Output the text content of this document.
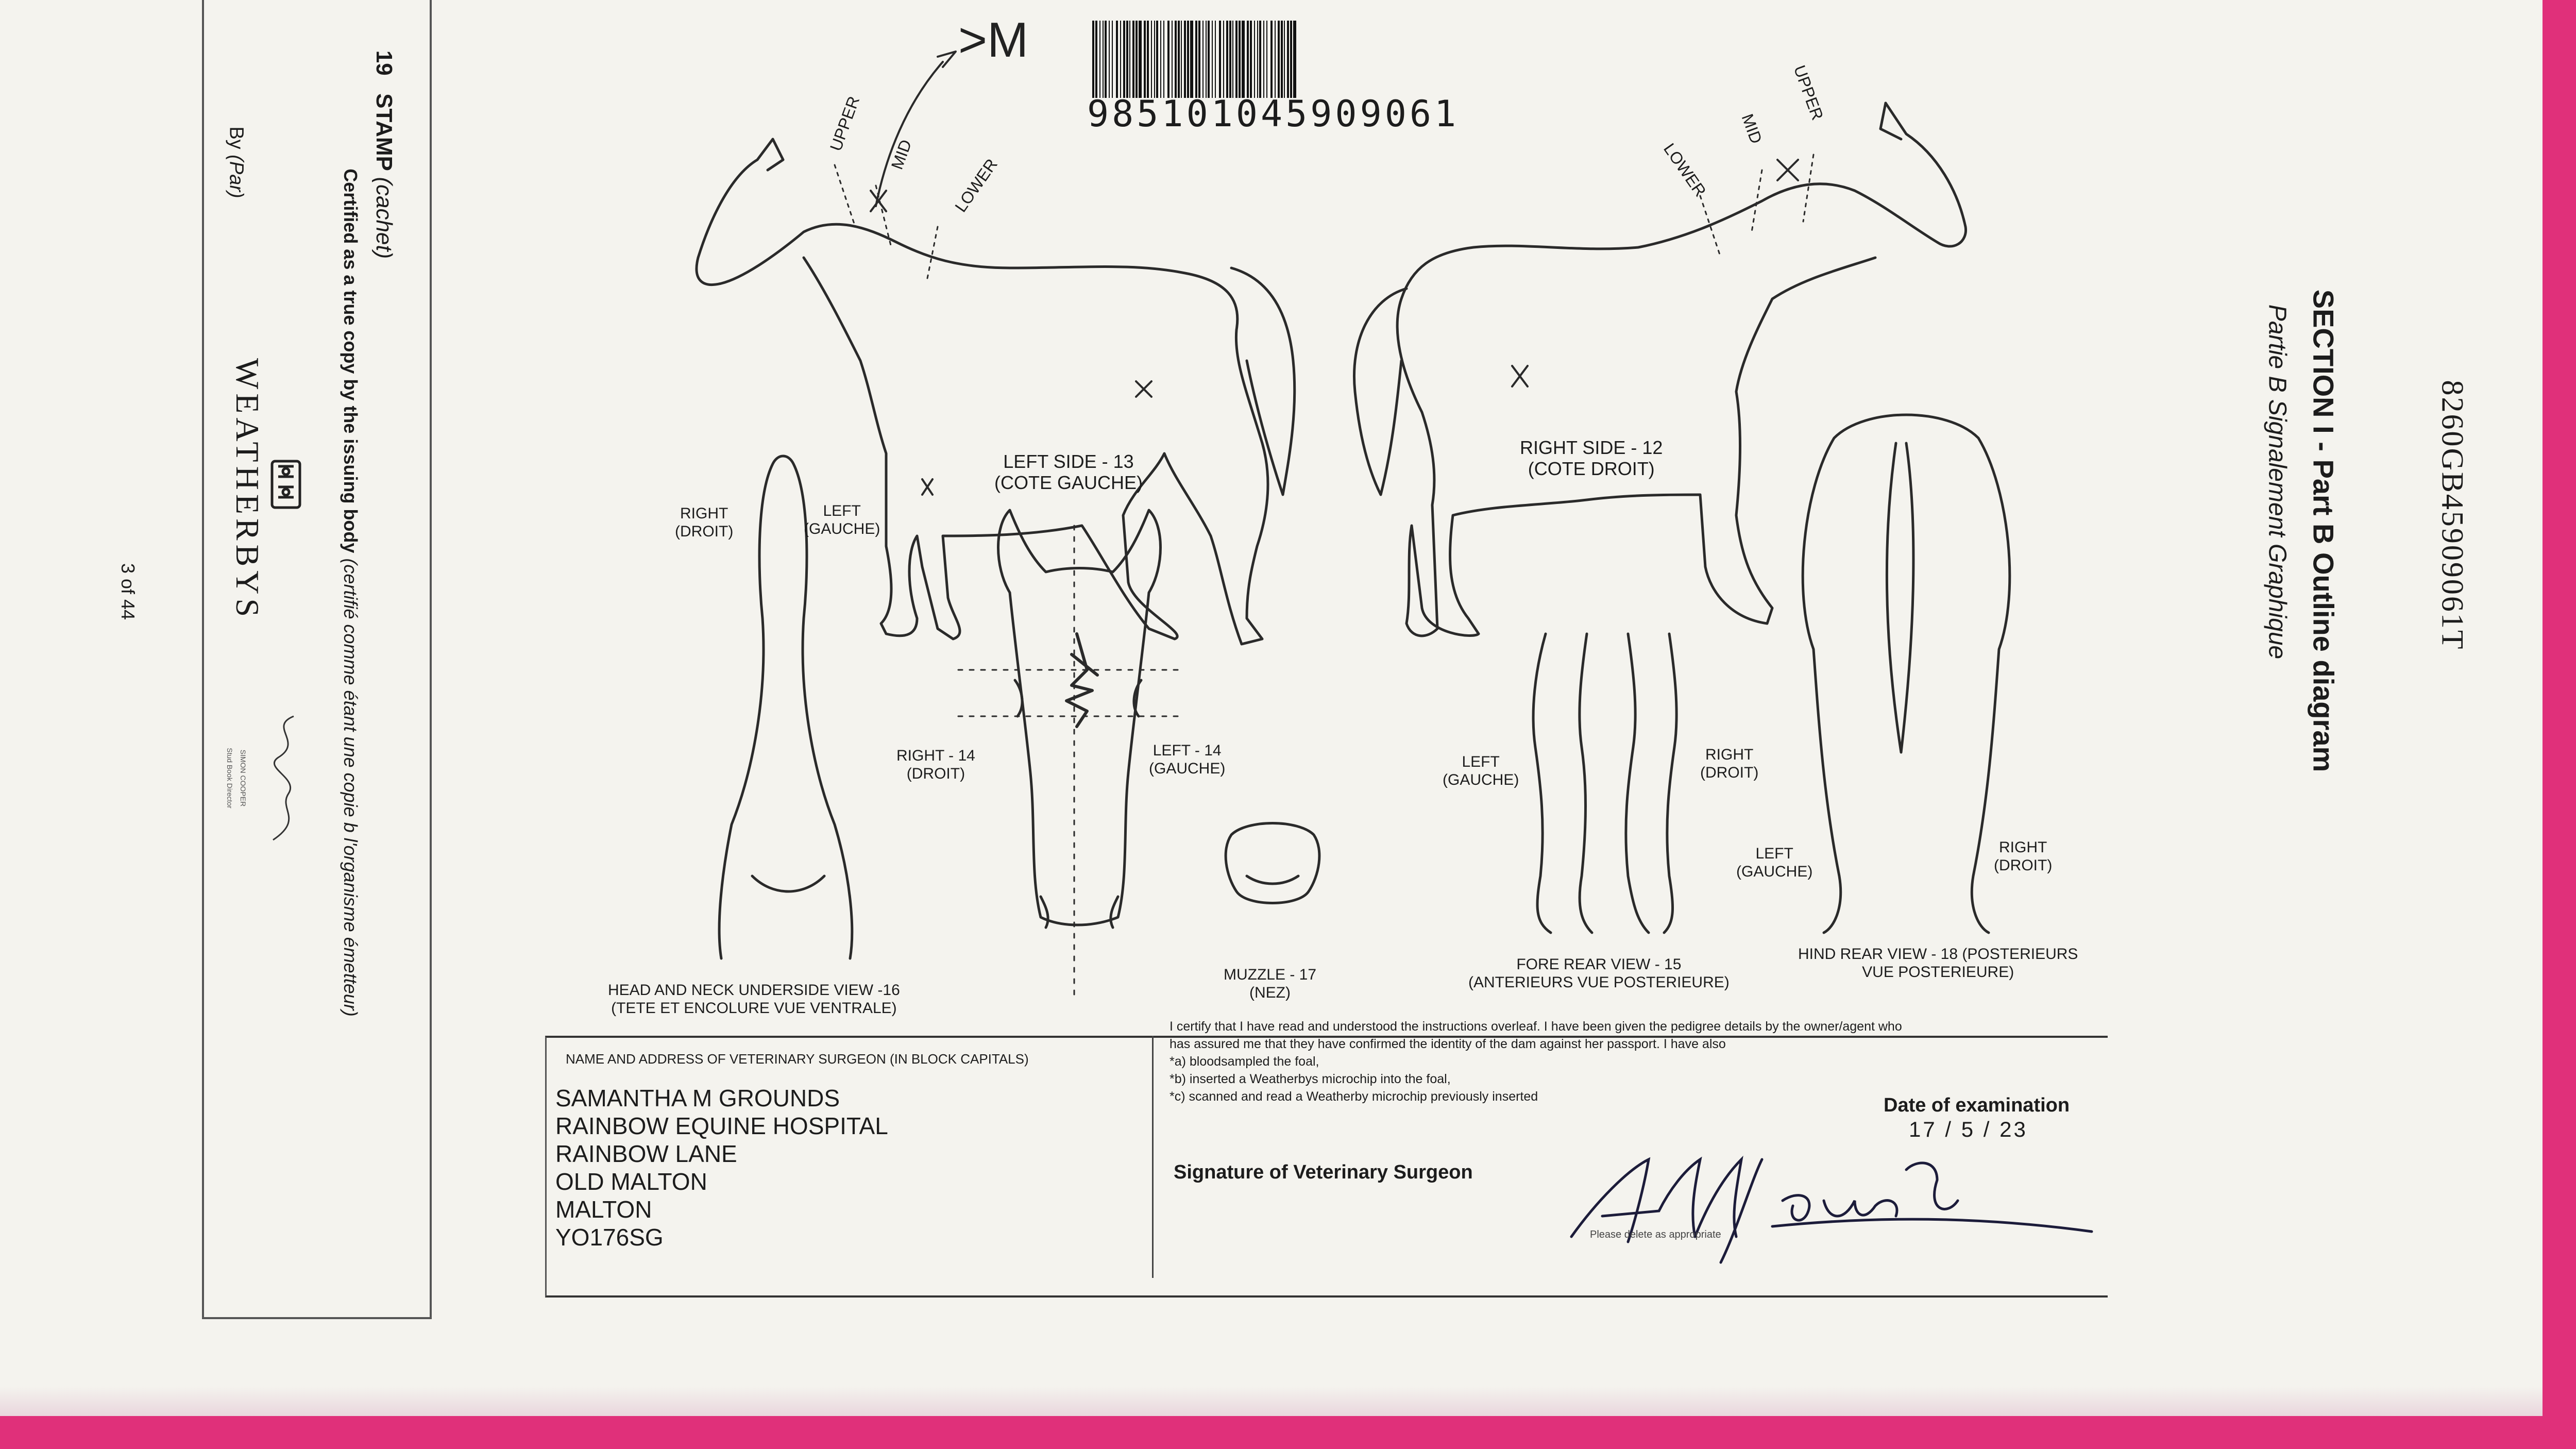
19 STAMP (cachet)
Certified as a true copy by the issuing body (certifié comme étant une copie b l'organisme émetteur)
By (Par)
WEATHERBYS
SIMON COOPER
Stud Book Director
3 of 44	8260GB45909061T
SECTION I - Part B Outline diagram
Partie B Signalement Graphique
985101045909061
>M
UPPER
MID
LOWER
UPPER
MID
LOWER
LEFT SIDE - 13
(COTE GAUCHE)
RIGHT SIDE - 12
(COTE DROIT)
RIGHT
(DROIT)
LEFT
(GAUCHE)
RIGHT - 14
(DROIT)
LEFT - 14
(GAUCHE)	LEFT
(GAUCHE)
RIGHT
(DROIT)
LEFT
(GAUCHE)
RIGHT
(DROIT)
HEAD AND NECK UNDERSIDE VIEW -16
(TETE ET ENCOLURE VUE VENTRALE)
MUZZLE - 17
(NEZ)
FORE REAR VIEW - 15
(ANTERIEURS VUE POSTERIEURE)
HIND REAR VIEW - 18 (POSTERIEURS
VUE POSTERIEURE)
NAME AND ADDRESS OF VETERINARY SURGEON (IN BLOCK CAPITALS)
SAMANTHA M GROUNDS
RAINBOW EQUINE HOSPITAL
RAINBOW LANE
OLD MALTON
MALTON
YO176SG
I certify that I have read and understood the instructions overleaf. I have been given the pedigree details by the owner/agent who
has assured me that they have confirmed the identity of the dam against her passport. I have also
*a) bloodsampled the foal,
*b) inserted a Weatherbys microchip into the foal,
*c) scanned and read a Weatherby microchip previously inserted	Date of examination
17 / 5 / 23
Signature of Veterinary Surgeon
Please delete as appropriate
